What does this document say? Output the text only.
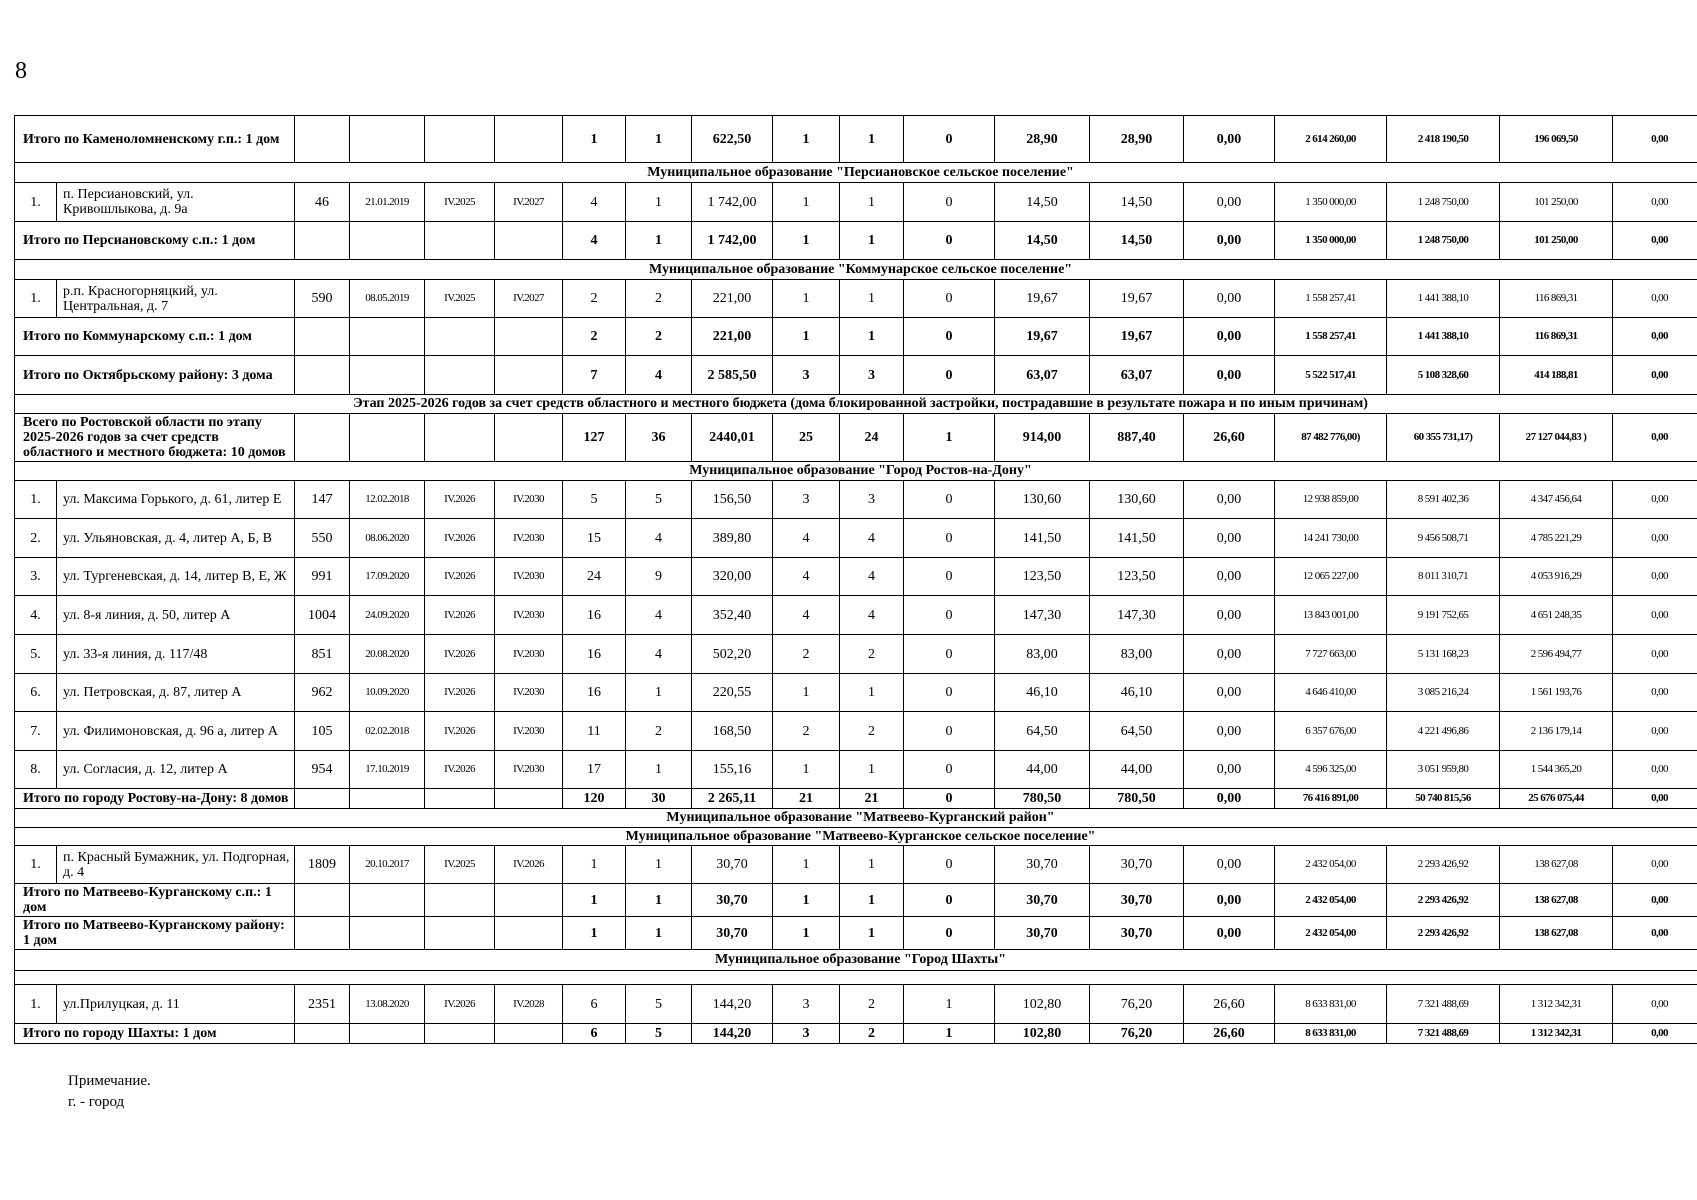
8
Итого по Каменоломненскому г.п.: 1 дом						1	1	622,50	1	1	0	28,90	28,90	0,00	2 614 260,00	2 418 190,50	196 069,50	0,00
Муниципальное образование "Персиановское сельское поселение"																		
1.	п. Персиановский, ул. Кривошлыкова, д. 9а	46	21.01.2019	IV.2025	IV.2027	4	1	1 742,00	1	1	0	14,50	14,50	0,00	1 350 000,00	1 248 750,00	101 250,00	0,00
Итого по Персиановскому с.п.: 1 дом						4	1	1 742,00	1	1	0	14,50	14,50	0,00	1 350 000,00	1 248 750,00	101 250,00	0,00
Муниципальное образование "Коммунарское сельское поселение"																		
1.	р.п. Красногорняцкий, ул. Центральная, д. 7	590	08.05.2019	IV.2025	IV.2027	2	2	221,00	1	1	0	19,67	19,67	0,00	1 558 257,41	1 441 388,10	116 869,31	0,00
Итого по Коммунарскому с.п.: 1 дом						2	2	221,00	1	1	0	19,67	19,67	0,00	1 558 257,41	1 441 388,10	116 869,31	0,00
Итого по Октябрьскому району: 3 дома						7	4	2 585,50	3	3	0	63,07	63,07	0,00	5 522 517,41	5 108 328,60	414 188,81	0,00
Этап 2025-2026 годов за счет средств областного и местного бюджета (дома блокированной застройки, пострадавшие в результате пожара и по иным причинам)																		
Всего по Ростовской области по этапу 2025-2026 годов за счет средств областного и местного бюджета: 10 домов						127	36	2440,01	25	24	1	914,00	887,40	26,60	87 482 776,00)	60 355 731,17)	27 127 044,83 )	0,00
Муниципальное образование "Город Ростов-на-Дону"																		
1.	ул. Максима Горького, д. 61, литер Е	147	12.02.2018	IV.2026	IV.2030	5	5	156,50	3	3	0	130,60	130,60	0,00	12 938 859,00	8 591 402,36	4 347 456,64	0,00
2.	ул. Ульяновская, д. 4, литер А, Б, В	550	08.06.2020	IV.2026	IV.2030	15	4	389,80	4	4	0	141,50	141,50	0,00	14 241 730,00	9 456 508,71	4 785 221,29	0,00
3.	ул. Тургеневская, д. 14, литер В, Е, Ж	991	17.09.2020	IV.2026	IV.2030	24	9	320,00	4	4	0	123,50	123,50	0,00	12 065 227,00	8 011 310,71	4 053 916,29	0,00
4.	ул. 8-я линия, д. 50, литер А	1004	24.09.2020	IV.2026	IV.2030	16	4	352,40	4	4	0	147,30	147,30	0,00	13 843 001,00	9 191 752,65	4 651 248,35	0,00
5.	ул. 33-я линия, д. 117/48	851	20.08.2020	IV.2026	IV.2030	16	4	502,20	2	2	0	83,00	83,00	0,00	7 727 663,00	5 131 168,23	2 596 494,77	0,00
6.	ул. Петровская, д. 87, литер А	962	10.09.2020	IV.2026	IV.2030	16	1	220,55	1	1	0	46,10	46,10	0,00	4 646 410,00	3 085 216,24	1 561 193,76	0,00
7.	ул. Филимоновская, д. 96 а, литер А	105	02.02.2018	IV.2026	IV.2030	11	2	168,50	2	2	0	64,50	64,50	0,00	6 357 676,00	4 221 496,86	2 136 179,14	0,00
8.	ул. Согласия, д. 12, литер А	954	17.10.2019	IV.2026	IV.2030	17	1	155,16	1	1	0	44,00	44,00	0,00	4 596 325,00	3 051 959,80	1 544 365,20	0,00
Итого по городу Ростову-на-Дону: 8 домов						120	30	2 265,11	21	21	0	780,50	780,50	0,00	76 416 891,00	50 740 815,56	25 676 075,44	0,00
Муниципальное образование "Матвеево-Курганский район"																		
Муниципальное образование "Матвеево-Курганское сельское поселение"																		
1.	п. Красный Бумажник, ул. Подгорная, д. 4	1809	20.10.2017	IV.2025	IV.2026	1	1	30,70	1	1	0	30,70	30,70	0,00	2 432 054,00	2 293 426,92	138 627,08	0,00
Итого по Матвеево-Курганскому с.п.: 1 дом						1	1	30,70	1	1	0	30,70	30,70	0,00	2 432 054,00	2 293 426,92	138 627,08	0,00
Итого по Матвеево-Курганскому району: 1 дом						1	1	30,70	1	1	0	30,70	30,70	0,00	2 432 054,00	2 293 426,92	138 627,08	0,00
Муниципальное образование "Город Шахты"																		

1.	ул.Прилуцкая, д. 11	2351	13.08.2020	IV.2026	IV.2028	6	5	144,20	3	2	1	102,80	76,20	26,60	8 633 831,00	7 321 488,69	1 312 342,31	0,00
Итого по городу Шахты: 1 дом						6	5	144,20	3	2	1	102,80	76,20	26,60	8 633 831,00	7 321 488,69	1 312 342,31	0,00
Примечание.
г. - город
